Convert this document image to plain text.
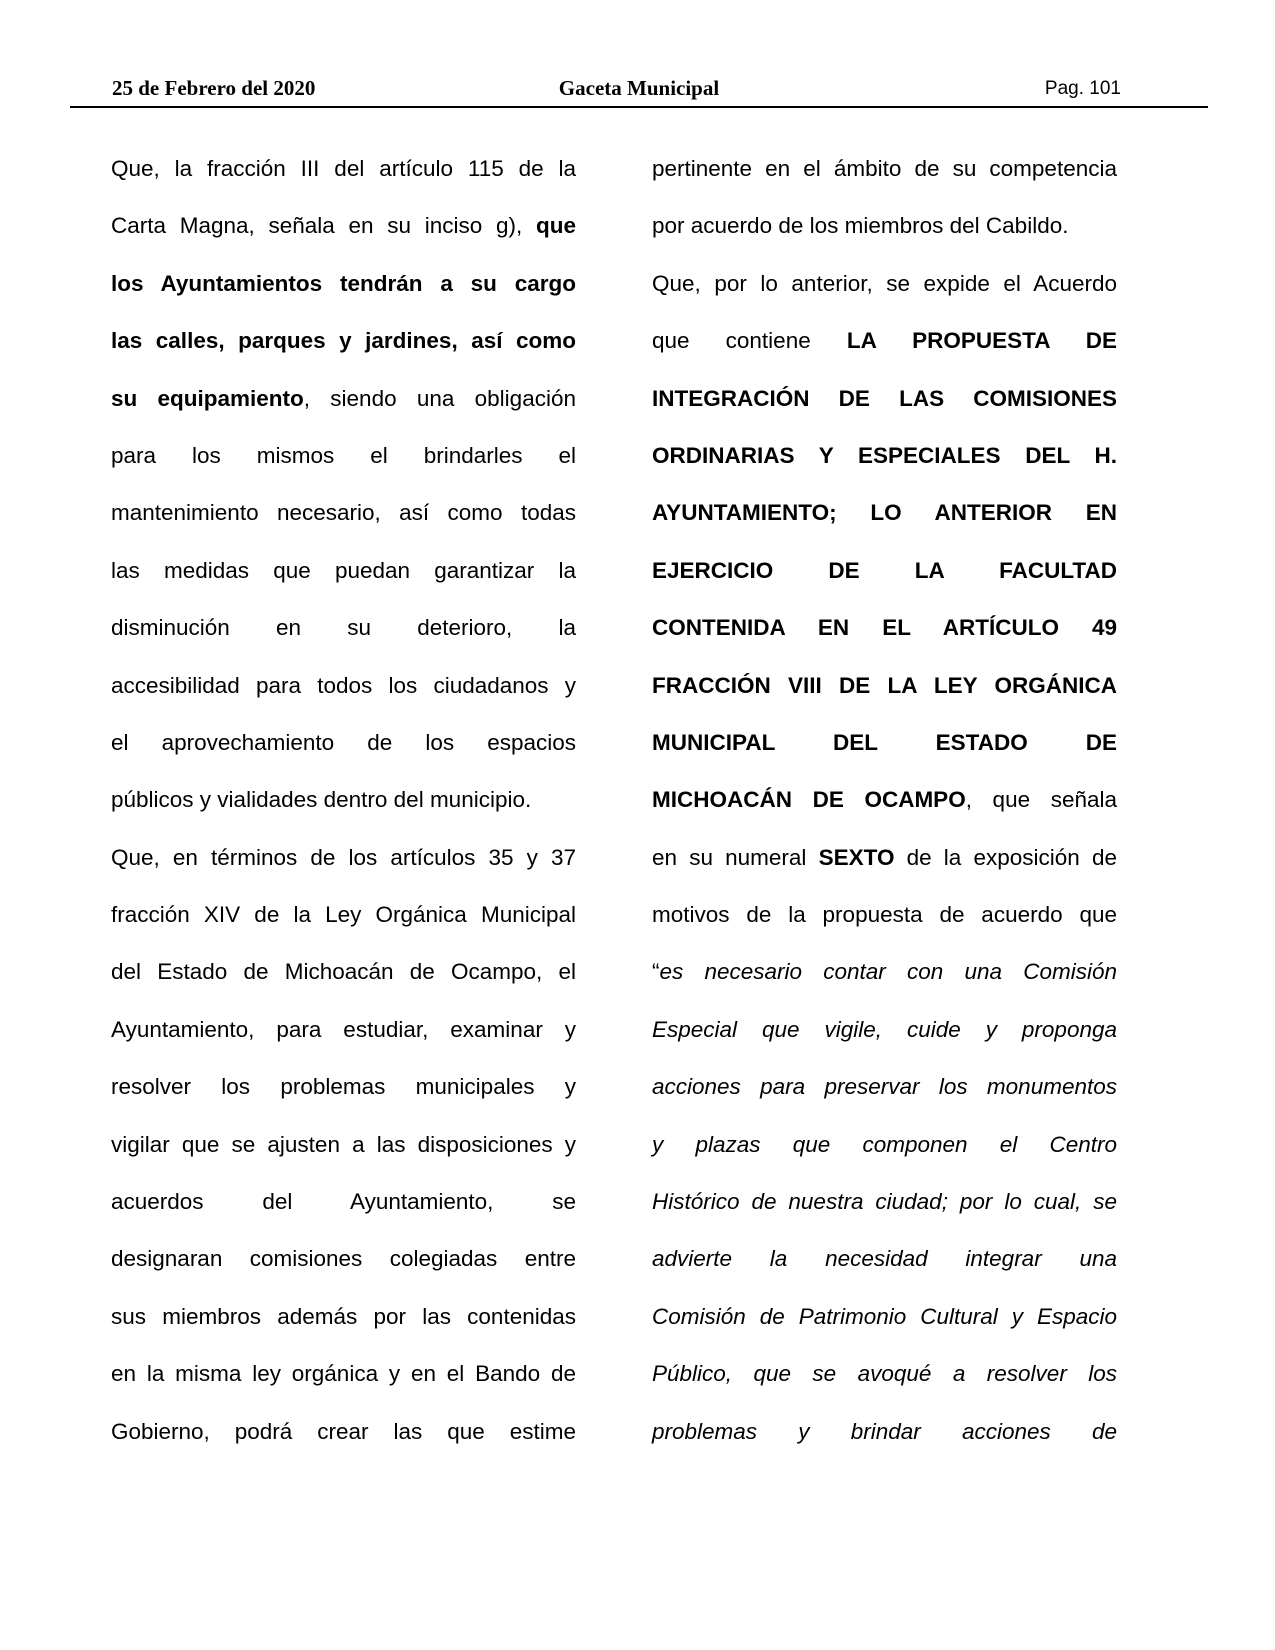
25 de Febrero del 2020	Gaceta Municipal	Pag. 101
Que, la fracción III del artículo 115 de la
Carta Magna, señala en su inciso g), que
los Ayuntamientos tendrán a su cargo
las calles, parques y jardines, así como
su equipamiento, siendo una obligación
para los mismos el brindarles el
mantenimiento necesario, así como todas
las medidas que puedan garantizar la
disminución en su deterioro, la
accesibilidad para todos los ciudadanos y
el aprovechamiento de los espacios
públicos y vialidades dentro del municipio.
Que, en términos de los artículos 35 y 37
fracción XIV de la Ley Orgánica Municipal
del Estado de Michoacán de Ocampo, el
Ayuntamiento, para estudiar, examinar y
resolver los problemas municipales y
vigilar que se ajusten a las disposiciones y
acuerdos del Ayuntamiento, se
designaran comisiones colegiadas entre
sus miembros además por las contenidas
en la misma ley orgánica y en el Bando de
Gobierno, podrá crear las que estime
pertinente en el ámbito de su competencia
por acuerdo de los miembros del Cabildo.
Que, por lo anterior, se expide el Acuerdo
que contiene LA PROPUESTA DE
INTEGRACIÓN DE LAS COMISIONES
ORDINARIAS Y ESPECIALES DEL H.
AYUNTAMIENTO; LO ANTERIOR EN
EJERCICIO DE LA FACULTAD
CONTENIDA EN EL ARTÍCULO 49
FRACCIÓN VIII DE LA LEY ORGÁNICA
MUNICIPAL DEL ESTADO DE
MICHOACÁN DE OCAMPO, que señala
en su numeral SEXTO de la exposición de
motivos de la propuesta de acuerdo que
“es necesario contar con una Comisión
Especial que vigile, cuide y proponga
acciones para preservar los monumentos
y plazas que componen el Centro
Histórico de nuestra ciudad; por lo cual, se
advierte la necesidad integrar una
Comisión de Patrimonio Cultural y Espacio
Público, que se avoqué a resolver los
problemas y brindar acciones de
